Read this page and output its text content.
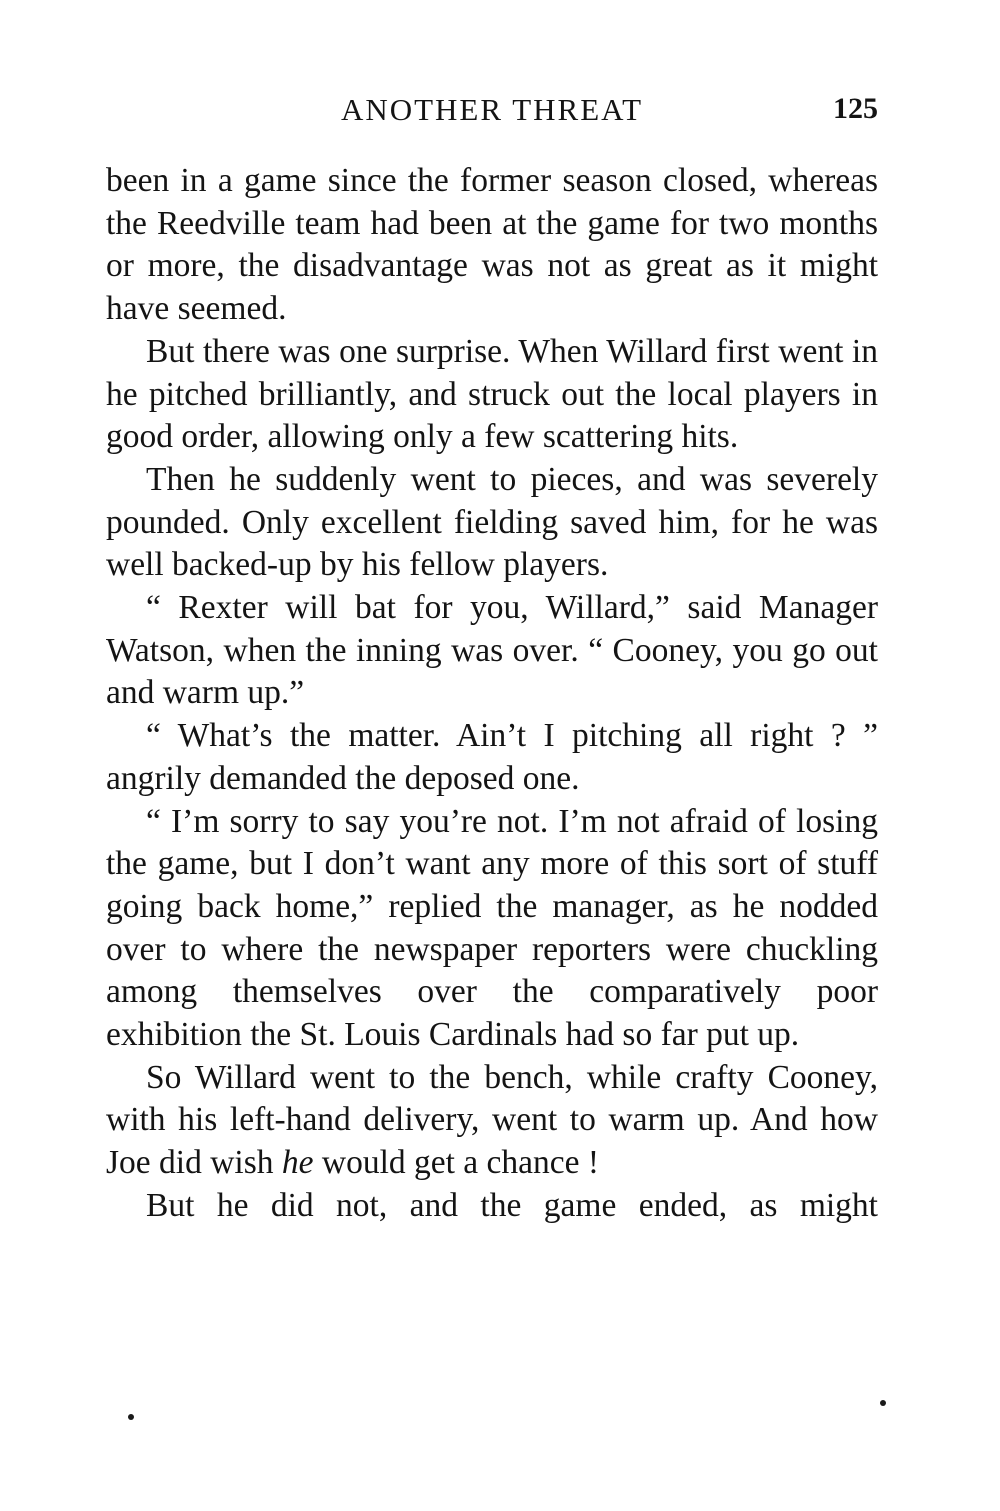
ANOTHER THREAT	125

been in a game since the former season closed, whereas the Reedville team had been at the game for two months or more, the disadvantage was not as great as it might have seemed.

But there was one surprise. When Willard first went in he pitched brilliantly, and struck out the local players in good order, allowing only a few scattering hits.

Then he suddenly went to pieces, and was severely pounded. Only excellent fielding saved him, for he was well backed-up by his fellow players.

“ Rexter will bat for you, Willard,” said Manager Watson, when the inning was over. “ Cooney, you go out and warm up.”

“ What’s the matter. Ain’t I pitching all right ? ” angrily demanded the deposed one.

“ I’m sorry to say you’re not. I’m not afraid of losing the game, but I don’t want any more of this sort of stuff going back home,” replied the manager, as he nodded over to where the newspaper reporters were chuckling among themselves over the comparatively poor exhibition the St. Louis Cardinals had so far put up.

So Willard went to the bench, while crafty Cooney, with his left-hand delivery, went to warm up. And how Joe did wish he would get a chance !

But he did not, and the game ended, as might
